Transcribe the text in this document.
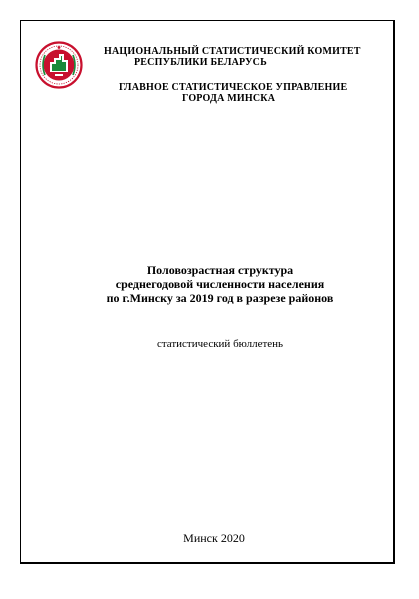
НАЦИОНАЛЬНЫЙ СТАТИСТИЧЕСКИЙ КОМИТЕТ
РЕСПУБЛИКИ БЕЛАРУСЬ
ГЛАВНОЕ СТАТИСТИЧЕСКОЕ УПРАВЛЕНИЕ
ГОРОДА МИНСКА
Половозрастная структура
среднегодовой численности населения
по г.Минску за 2019 год в разрезе районов
статистический бюллетень
Минск 2020
